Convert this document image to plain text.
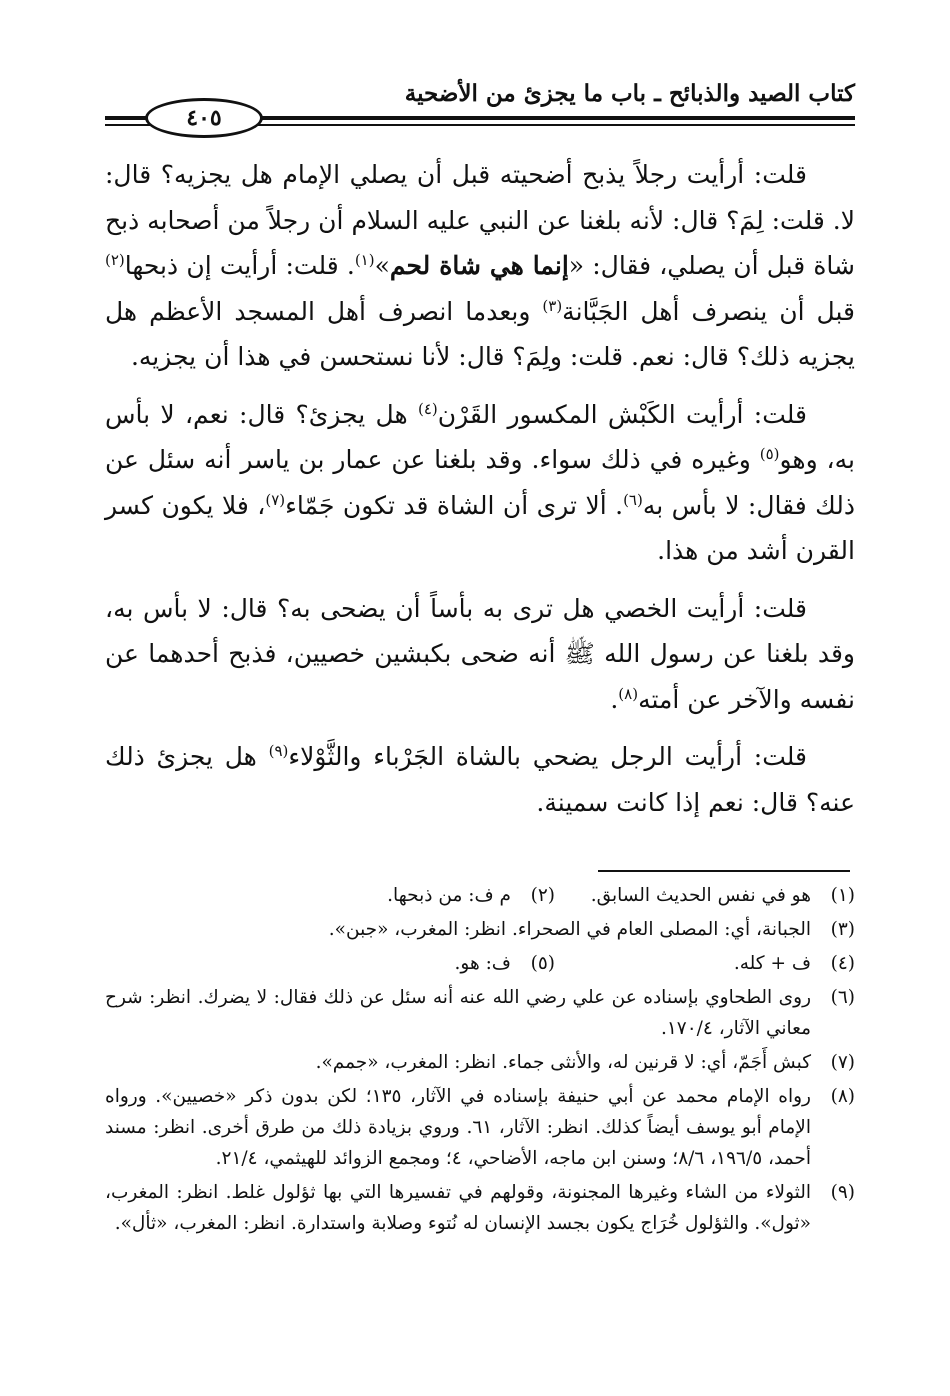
كتاب الصيد والذبائح ـ باب ما يجزئ من الأضحية
٤٠٥

قلت: أرأيت رجلاً يذبح أضحيته قبل أن يصلي الإمام هل يجزيه؟ قال: لا. قلت: لِمَ؟ قال: لأنه بلغنا عن النبي عليه السلام أن رجلاً من أصحابه ذبح شاة قبل أن يصلي، فقال: «إنما هي شاة لحم»$^{(١)}$. قلت: أرأيت إن ذبحها$^{(٢)}$ قبل أن ينصرف أهل الجَبَّانة$^{(٣)}$ وبعدما انصرف أهل المسجد الأعظم هل يجزيه ذلك؟ قال: نعم. قلت: ولِمَ؟ قال: لأنا نستحسن في هذا أن يجزيه.

قلت: أرأيت الكَبْش المكسور القَرْن$^{(٤)}$ هل يجزئ؟ قال: نعم، لا بأس به، وهو$^{(٥)}$ وغيره في ذلك سواء. وقد بلغنا عن عمار بن ياسر أنه سئل عن ذلك فقال: لا بأس به$^{(٦)}$. ألا ترى أن الشاة قد تكون جَمّاء$^{(٧)}$، فلا يكون كسر القرن أشد من هذا.

قلت: أرأيت الخصي هل ترى به بأساً أن يضحى به؟ قال: لا بأس به، وقد بلغنا عن رسول الله ﷺ أنه ضحى بكبشين خصيين، فذبح أحدهما عن نفسه والآخر عن أمته$^{(٨)}$.

قلت: أرأيت الرجل يضحي بالشاة الجَرْباء والثَّوْلاء$^{(٩)}$ هل يجزئ ذلك عنه؟ قال: نعم إذا كانت سمينة.

(١)
هو في نفس الحديث السابق.
(٢)
م ف: من ذبحها.
(٣)
الجبانة، أي: المصلى العام في الصحراء. انظر: المغرب، «جبن».
(٤)
ف + كله.
(٥)
ف: هو.
(٦)
روى الطحاوي بإسناده عن علي رضي الله عنه أنه سئل عن ذلك فقال: لا يضرك. انظر: شرح معاني الآثار، ١٧٠/٤.
(٧)
كبش أَجَمّ، أي: لا قرنين له، والأنثى جماء. انظر: المغرب، «جمم».
(٨)
رواه الإمام محمد عن أبي حنيفة بإسناده في الآثار، ١٣٥؛ لكن بدون ذكر «خصيين». ورواه الإمام أبو يوسف أيضاً كذلك. انظر: الآثار، ٦١. وروي بزيادة ذلك من طرق أخرى. انظر: مسند أحمد، ١٩٦/٥، ٨/٦؛ وسنن ابن ماجه، الأضاحي، ٤؛ ومجمع الزوائد للهيثمي، ٢١/٤.
(٩)
الثولاء من الشاء وغيرها المجنونة، وقولهم في تفسيرها التي بها ثؤلول غلط. انظر: المغرب، «ثول». والثؤلول خُرَاج يكون بجسد الإنسان له نُتوء وصلابة واستدارة. انظر: المغرب، «ثأل».
